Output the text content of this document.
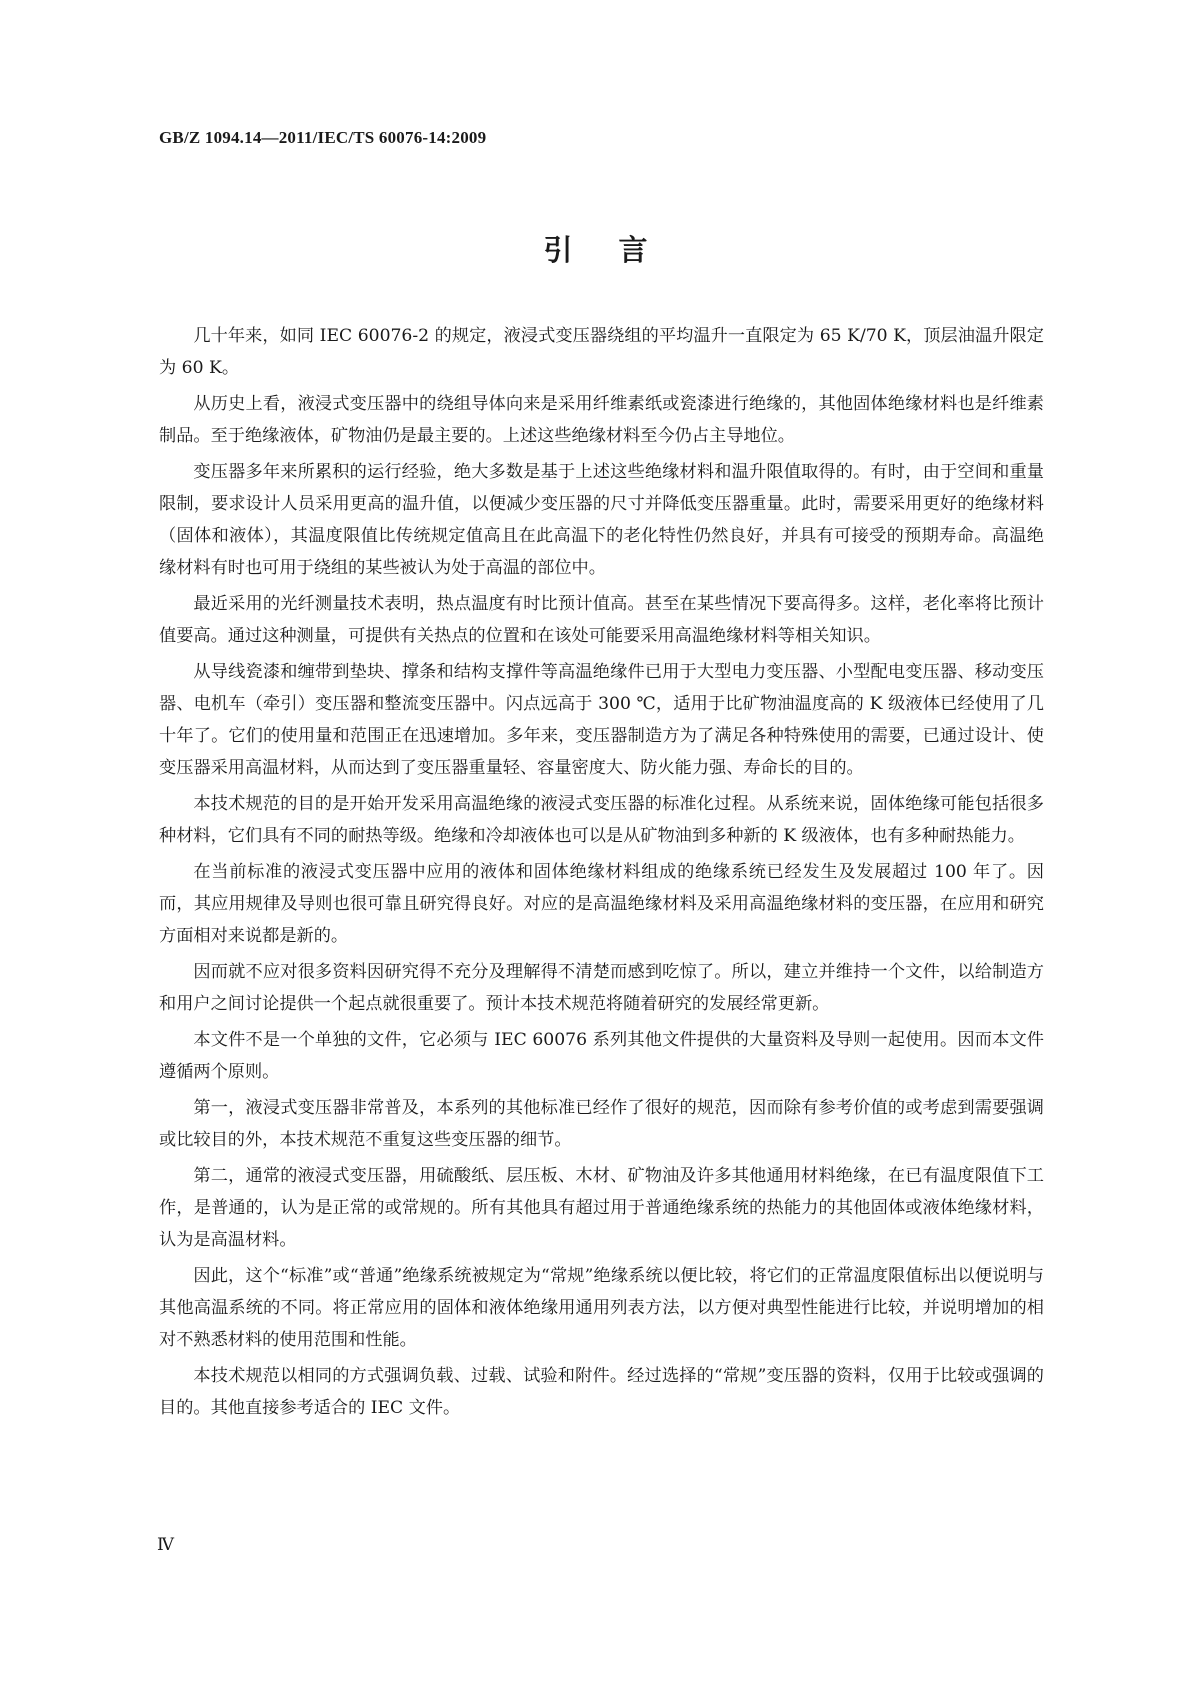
GB/Z 1094.14—2011/IEC/TS 60076-14:2009
引言

几十年来，如同 IEC 60076-2 的规定，液浸式变压器绕组的平均温升一直限定为 65 K/70 K，顶层油温升限定为 60 K。

从历史上看，液浸式变压器中的绕组导体向来是采用纤维素纸或瓷漆进行绝缘的，其他固体绝缘材料也是纤维素制品。至于绝缘液体，矿物油仍是最主要的。上述这些绝缘材料至今仍占主导地位。

变压器多年来所累积的运行经验，绝大多数是基于上述这些绝缘材料和温升限值取得的。有时，由于空间和重量限制，要求设计人员采用更高的温升值，以便减少变压器的尺寸并降低变压器重量。此时，需要采用更好的绝缘材料（固体和液体），其温度限值比传统规定值高且在此高温下的老化特性仍然良好，并具有可接受的预期寿命。高温绝缘材料有时也可用于绕组的某些被认为处于高温的部位中。

最近采用的光纤测量技术表明，热点温度有时比预计值高。甚至在某些情况下要高得多。这样，老化率将比预计值要高。通过这种测量，可提供有关热点的位置和在该处可能要采用高温绝缘材料等相关知识。

从导线瓷漆和缠带到垫块、撑条和结构支撑件等高温绝缘件已用于大型电力变压器、小型配电变压器、移动变压器、电机车（牵引）变压器和整流变压器中。闪点远高于 300 ℃，适用于比矿物油温度高的 K 级液体已经使用了几十年了。它们的使用量和范围正在迅速增加。多年来，变压器制造方为了满足各种特殊使用的需要，已通过设计、使变压器采用高温材料，从而达到了变压器重量轻、容量密度大、防火能力强、寿命长的目的。

本技术规范的目的是开始开发采用高温绝缘的液浸式变压器的标准化过程。从系统来说，固体绝缘可能包括很多种材料，它们具有不同的耐热等级。绝缘和冷却液体也可以是从矿物油到多种新的 K 级液体，也有多种耐热能力。

在当前标准的液浸式变压器中应用的液体和固体绝缘材料组成的绝缘系统已经发生及发展超过 100 年了。因而，其应用规律及导则也很可靠且研究得良好。对应的是高温绝缘材料及采用高温绝缘材料的变压器，在应用和研究方面相对来说都是新的。

因而就不应对很多资料因研究得不充分及理解得不清楚而感到吃惊了。所以，建立并维持一个文件，以给制造方和用户之间讨论提供一个起点就很重要了。预计本技术规范将随着研究的发展经常更新。

本文件不是一个单独的文件，它必须与 IEC 60076 系列其他文件提供的大量资料及导则一起使用。因而本文件遵循两个原则。

第一，液浸式变压器非常普及，本系列的其他标准已经作了很好的规范，因而除有参考价值的或考虑到需要强调或比较目的外，本技术规范不重复这些变压器的细节。

第二，通常的液浸式变压器，用硫酸纸、层压板、木材、矿物油及许多其他通用材料绝缘，在已有温度限值下工作，是普通的，认为是正常的或常规的。所有其他具有超过用于普通绝缘系统的热能力的其他固体或液体绝缘材料，认为是高温材料。

因此，这个“标准”或“普通”绝缘系统被规定为“常规”绝缘系统以便比较，将它们的正常温度限值标出以便说明与其他高温系统的不同。将正常应用的固体和液体绝缘用通用列表方法，以方便对典型性能进行比较，并说明增加的相对不熟悉材料的使用范围和性能。

本技术规范以相同的方式强调负载、过载、试验和附件。经过选择的“常规”变压器的资料，仅用于比较或强调的目的。其他直接参考适合的 IEC 文件。

Ⅳ
